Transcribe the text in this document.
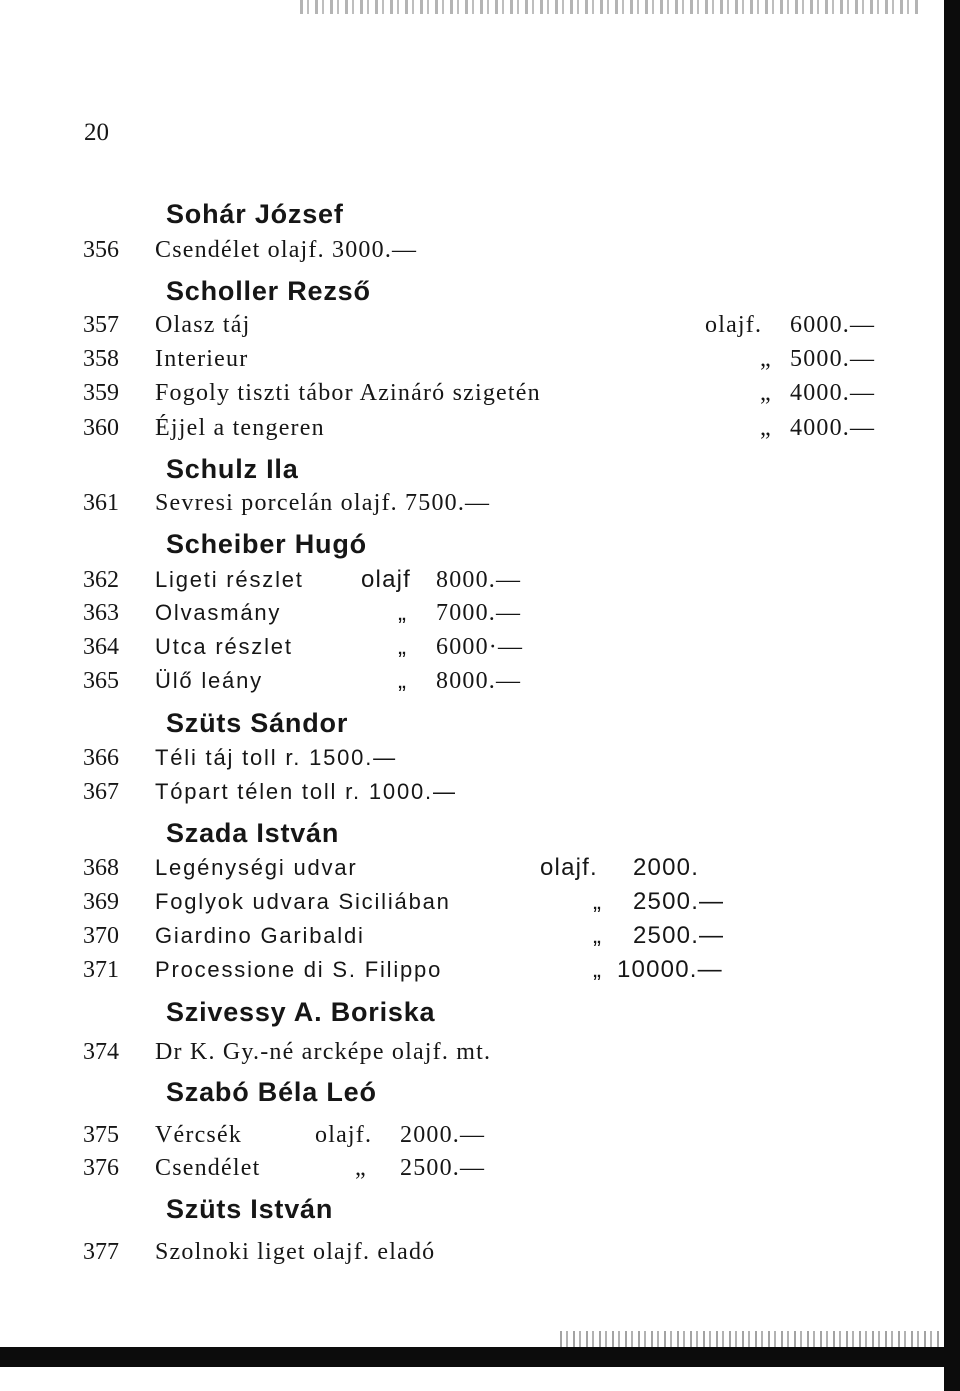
20
Sohár József
356 Csendélet olajf. 3000.—
Scholler Rezső
357 Olasz táj	olajf. 6000.—
358 Interieur	„ 5000.—
359 Fogoly tiszti tábor Azináró szigetén	„ 4000.—
360 Éjjel a tengeren	„ 4000.—
Schulz Ila
361 Sevresi porcelán olajf. 7500.—
Scheiber Hugó
362 Ligeti részlet olajf 8000.—
363 Olvasmány	„ 7000.—
364 Utca részlet	„ 6000·—
365 Ülő leány	„ 8000.—
Szüts Sándor
366 Téli táj toll r. 1500.—
367 Tópart télen toll r. 1000.—
Szada István
368 Legénységi udvar	olajf. 2000.
369 Foglyok udvara Siciliában	„ 2500.—
370 Giardino Garibaldi	„ 2500.—
371 Processione di S. Filippo	„ 10000.—
Szivessy A. Boriska
374 Dr K. Gy.-né arcképe olajf. mt.
Szabó Béla Leó
375 Vércsék	olajf. 2000.—
376 Csendélet	„ 2500.—
Szüts István
377 Szolnoki liget olajf. eladó
